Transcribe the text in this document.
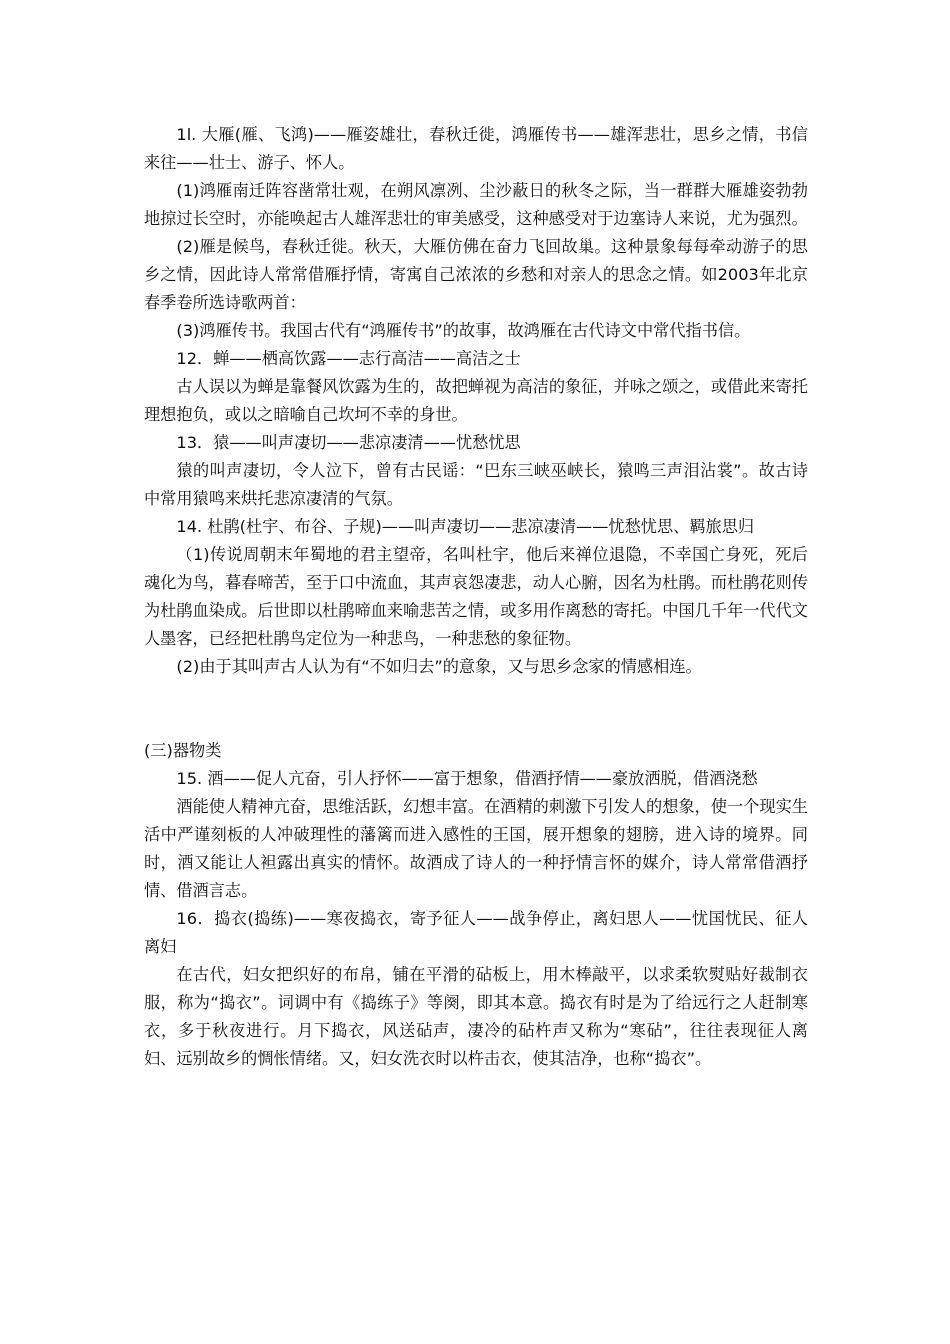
1l. 大雁(雁、飞鸿)——雁姿雄壮，春秋迁徙，鸿雁传书——雄浑悲壮，思乡之情，书信来往——壮士、游子、怀人。

(1)鸿雁南迁阵容凿常壮观，在朔风凛冽、尘沙蔽日的秋冬之际，当一群群大雁雄姿勃勃地掠过长空时，亦能唤起古人雄浑悲壮的审美感受，这种感受对于边塞诗人来说，尤为强烈。

(2)雁是候鸟，春秋迁徙。秋天，大雁仿佛在奋力飞回故巢。这种景象每每牵动游子的思乡之情，因此诗人常常借雁抒情，寄寓自己浓浓的乡愁和对亲人的思念之情。如2003年北京春季卷所选诗歌两首：

(3)鸿雁传书。我国古代有“鸿雁传书”的故事，故鸿雁在古代诗文中常代指书信。

12．蝉——栖高饮露——志行高洁——高洁之士

古人误以为蝉是靠餐风饮露为生的，故把蝉视为高洁的象征，并咏之颂之，或借此来寄托理想抱负，或以之暗喻自己坎坷不幸的身世。

13．猿——叫声凄切——悲凉凄清——忧愁忧思

猿的叫声凄切，令人泣下，曾有古民谣：“巴东三峡巫峡长，猿鸣三声泪沾裳”。故古诗中常用猿鸣来烘托悲凉凄清的气氛。

14. 杜鹃(杜宇、布谷、子规)——叫声凄切——悲凉凄清——忧愁忧思、羁旅思归

（1)传说周朝末年蜀地的君主望帝，名叫杜宇，他后来禅位退隐，不幸国亡身死，死后魂化为鸟，暮春啼苦，至于口中流血，其声哀怨凄悲，动人心腑，因名为杜鹃。而杜鹃花则传为杜鹃血染成。后世即以杜鹃啼血来喻悲苦之情，或多用作离愁的寄托。中国几千年一代代文人墨客，已经把杜鹃鸟定位为一种悲鸟，一种悲愁的象征物。

(2)由于其叫声古人认为有“不如归去”的意象，又与思乡念家的情感相连。

(三)器物类

15. 酒——促人亢奋，引人抒怀——富于想象，借酒抒情——豪放洒脱，借酒浇愁

酒能使人精神亢奋，思维活跃，幻想丰富。在酒精的刺激下引发人的想象，使一个现实生活中严谨刻板的人冲破理性的藩篱而进入感性的王国，展开想象的翅膀，进入诗的境界。同时，酒又能让人袒露出真实的情怀。故酒成了诗人的一种抒情言怀的媒介，诗人常常借酒抒情、借酒言志。

16．捣衣(捣练)——寒夜捣衣，寄予征人——战争停止，离妇思人——忧国忧民、征人离妇

在古代，妇女把织好的布帛，铺在平滑的砧板上，用木棒敲平，以求柔软熨贴好裁制衣服，称为“捣衣”。词调中有《捣练子》等阕，即其本意。捣衣有时是为了给远行之人赶制寒衣，多于秋夜进行。月下捣衣，风送砧声，凄冷的砧杵声又称为“寒砧”，往往表现征人离妇、远别故乡的惆怅情绪。又，妇女洗衣时以杵击衣，使其洁净，也称“捣衣”。
